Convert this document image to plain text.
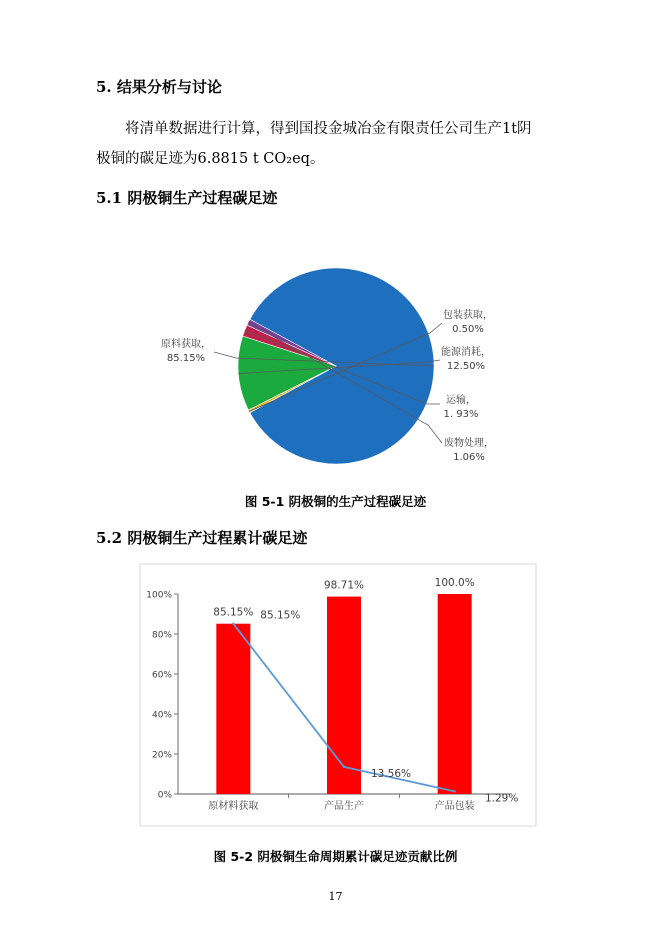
5. 结果分析与讨论
将清单数据进行计算，得到国投金城冶金有限责任公司生产1t阴
极铜的碳足迹为6.8815 t CO₂eq。
5.1 阴极铜生产过程碳足迹
原料获取，
85.15%
包装获取，
0.50%
能源消耗，
12.50%
运输，
1. 93%
废物处理，
1.06%
图 5-1 阴极铜的生产过程碳足迹
5.2 阴极铜生产过程累计碳足迹
0%
20%
40%
60%
80%
100%
85.15%
原材料获取
98.71%
产品生产
100.0%
产品包装
85.15%
13.56%
1.29%
图 5-2 阴极铜生命周期累计碳足迹贡献比例
17
